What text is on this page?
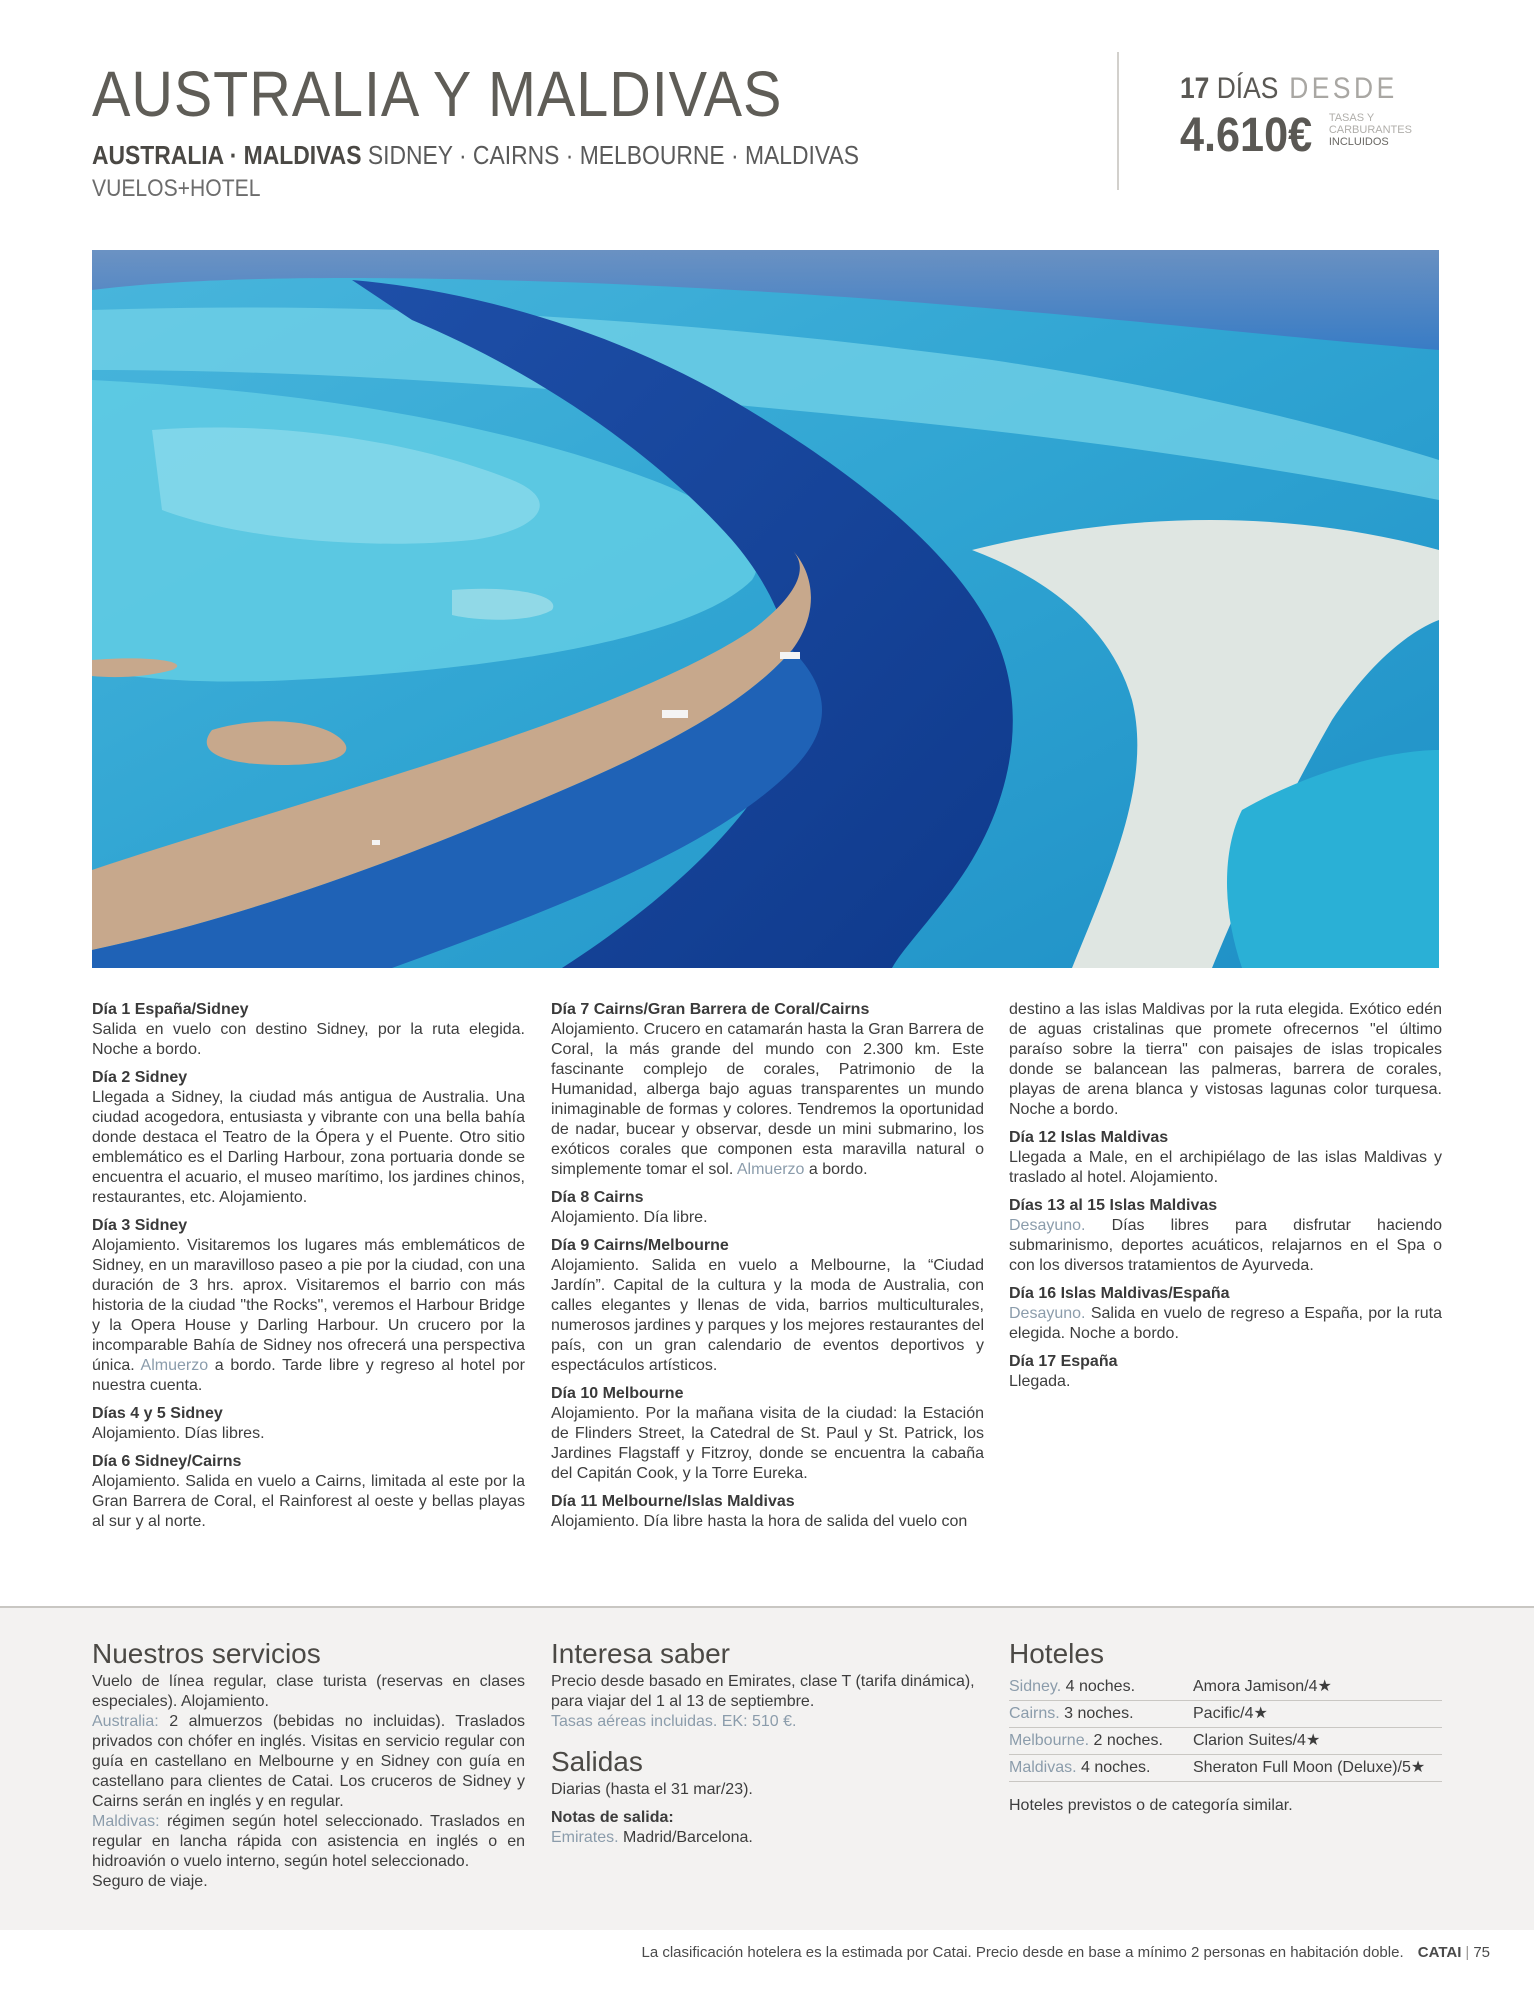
AUSTRALIA Y MALDIVAS
AUSTRALIA · MALDIVAS SIDNEY · CAIRNS · MELBOURNE · MALDIVAS
VUELOS+HOTEL
17 DÍAS DESDE
4.610€ TASAS Y
CARBURANTES
INCLUIDOS
Día 1 España/Sidney
Salida en vuelo con destino Sidney, por la ruta elegida. Noche a bordo.
Día 2 Sidney
Llegada a Sidney, la ciudad más antigua de Australia. Una ciudad acogedora, entusiasta y vibrante con una bella bahía donde destaca el Teatro de la Ópera y el Puente. Otro sitio emblemático es el Darling Harbour, zona portuaria donde se encuentra el acuario, el museo marítimo, los jardines chinos, restaurantes, etc. Alojamiento.
Día 3 Sidney
Alojamiento. Visitaremos los lugares más emblemáticos de Sidney, en un maravilloso paseo a pie por la ciudad, con una duración de 3 hrs. aprox. Visitaremos el barrio con más historia de la ciudad "the Rocks", veremos el Harbour Bridge y la Opera House y Darling Harbour. Un crucero por la incomparable Bahía de Sidney nos ofrecerá una perspectiva única. Almuerzo a bordo. Tarde libre y regreso al hotel por nuestra cuenta.
Días 4 y 5 Sidney
Alojamiento. Días libres.
Día 6 Sidney/Cairns
Alojamiento. Salida en vuelo a Cairns, limitada al este por la Gran Barrera de Coral, el Rainforest al oeste y bellas playas al sur y al norte.
Día 7 Cairns/Gran Barrera de Coral/Cairns
Alojamiento. Crucero en catamarán hasta la Gran Barrera de Coral, la más grande del mundo con 2.300 km. Este fascinante complejo de corales, Patrimonio de la Humanidad, alberga bajo aguas transparentes un mundo inimaginable de formas y colores. Tendremos la oportunidad de nadar, bucear y observar, desde un mini submarino, los exóticos corales que componen esta maravilla natural o simplemente tomar el sol. Almuerzo a bordo.
Día 8 Cairns
Alojamiento. Día libre.
Día 9 Cairns/Melbourne
Alojamiento. Salida en vuelo a Melbourne, la “Ciudad Jardín”. Capital de la cultura y la moda de Australia, con calles elegantes y llenas de vida, barrios multiculturales, numerosos jardines y parques y los mejores restaurantes del país, con un gran calendario de eventos deportivos y espectáculos artísticos.
Día 10 Melbourne
Alojamiento. Por la mañana visita de la ciudad: la Estación de Flinders Street, la Catedral de St. Paul y St. Patrick, los Jardines Flagstaff y Fitzroy, donde se encuentra la cabaña del Capitán Cook, y la Torre Eureka.
Día 11 Melbourne/Islas Maldivas
Alojamiento. Día libre hasta la hora de salida del vuelo con
destino a las islas Maldivas por la ruta elegida. Exótico edén de aguas cristalinas que promete ofrecernos "el último paraíso sobre la tierra" con paisajes de islas tropicales donde se balancean las palmeras, barrera de corales, playas de arena blanca y vistosas lagunas color turquesa. Noche a bordo.
Día 12 Islas Maldivas
Llegada a Male, en el archipiélago de las islas Maldivas y traslado al hotel. Alojamiento.
Días 13 al 15 Islas Maldivas
Desayuno. Días libres para disfrutar haciendo submarinismo, deportes acuáticos, relajarnos en el Spa o con los diversos tratamientos de Ayurveda.
Día 16 Islas Maldivas/España
Desayuno. Salida en vuelo de regreso a España, por la ruta elegida. Noche a bordo.
Día 17 España
Llegada.
Nuestros servicios
Vuelo de línea regular, clase turista (reservas en clases especiales). Alojamiento.
Australia: 2 almuerzos (bebidas no incluidas). Traslados privados con chófer en inglés. Visitas en servicio regular con guía en castellano en Melbourne y en Sidney con guía en castellano para clientes de Catai. Los cruceros de Sidney y Cairns serán en inglés y en regular.
Maldivas: régimen según hotel seleccionado. Traslados en regular en lancha rápida con asistencia en inglés o en hidroavión o vuelo interno, según hotel seleccionado.
Seguro de viaje.
Interesa saber
Precio desde basado en Emirates, clase T (tarifa dinámica), para viajar del 1 al 13 de septiembre.
Tasas aéreas incluidas. EK: 510 €.
Salidas
Diarias (hasta el 31 mar/23).
Notas de salida:
Emirates. Madrid/Barcelona.
Hoteles
Sidney. 4 noches.	Amora Jamison/4★
Cairns. 3 noches.	Pacific/4★
Melbourne. 2 noches.	Clarion Suites/4★
Maldivas. 4 noches.	Sheraton Full Moon (Deluxe)/5★
Hoteles previstos o de categoría similar.
La clasificación hotelera es la estimada por Catai. Precio desde en base a mínimo 2 personas en habitación doble. CATAI | 75
